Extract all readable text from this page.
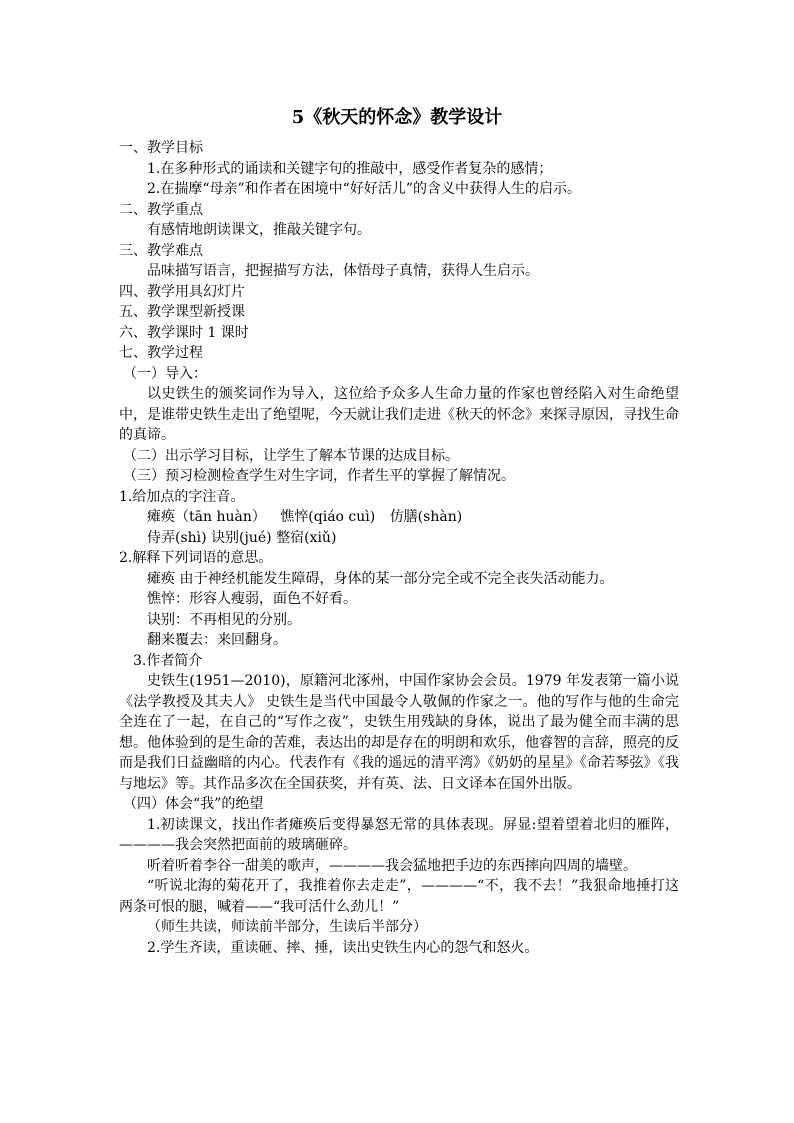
5《秋天的怀念》教学设计

一、教学目标

1.在多种形式的诵读和关键字句的推敲中，感受作者复杂的感情；

2.在揣摩“母亲”和作者在困境中“好好活儿”的含义中获得人生的启示。

二、教学重点

有感情地朗读课文，推敲关键字句。

三、教学难点

品味描写语言，把握描写方法，体悟母子真情，获得人生启示。

四、教学用具幻灯片

五、教学课型新授课

六、教学课时 1 课时

七、教学过程

（一）导入：

以史铁生的颁奖词作为导入，这位给予众多人生命力量的作家也曾经陷入对生命绝望中，是谁带史铁生走出了绝望呢，今天就让我们走进《秋天的怀念》来探寻原因，寻找生命的真谛。

（二）出示学习目标，让学生了解本节课的达成目标。

（三）预习检测检查学生对生字词，作者生平的掌握了解情况。

1.给加点的字注音。

瘫痪（tān huàn） 憔悴(qiáo cuì) 仿膳(shàn)

侍弄(shì) 诀别(jué) 整宿(xiǔ)

2.解释下列词语的意思。

瘫痪 由于神经机能发生障碍，身体的某一部分完全或不完全丧失活动能力。

憔悴：形容人瘦弱，面色不好看。

诀别：不再相见的分别。

翻来覆去：来回翻身。

3.作者简介

史铁生(1951—2010)，原籍河北涿州，中国作家协会会员。1979 年发表第一篇小说《法学教授及其夫人》 史铁生是当代中国最令人敬佩的作家之一。他的写作与他的生命完全连在了一起，在自己的“写作之夜”，史铁生用残缺的身体，说出了最为健全而丰满的思想。他体验到的是生命的苦难，表达出的却是存在的明朗和欢乐，他睿智的言辞，照亮的反而是我们日益幽暗的内心。代表作有《我的遥远的清平湾》《奶奶的星星》《命若琴弦》《我与地坛》等。其作品多次在全国获奖，并有英、法、日文译本在国外出版。

（四）体会“我”的绝望

1.初读课文，找出作者瘫痪后变得暴怒无常的具体表现。屏显:望着望着北归的雁阵，————我会突然把面前的玻璃砸碎。

听着听着李谷一甜美的歌声，————我会猛地把手边的东西摔向四周的墙壁。

“听说北海的菊花开了，我推着你去走走”，————“不，我不去！”我狠命地捶打这两条可恨的腿，喊着——“我可活什么劲儿！”

（师生共读，师读前半部分，生读后半部分）

2.学生齐读，重读砸、摔、捶，读出史铁生内心的怨气和怒火。
